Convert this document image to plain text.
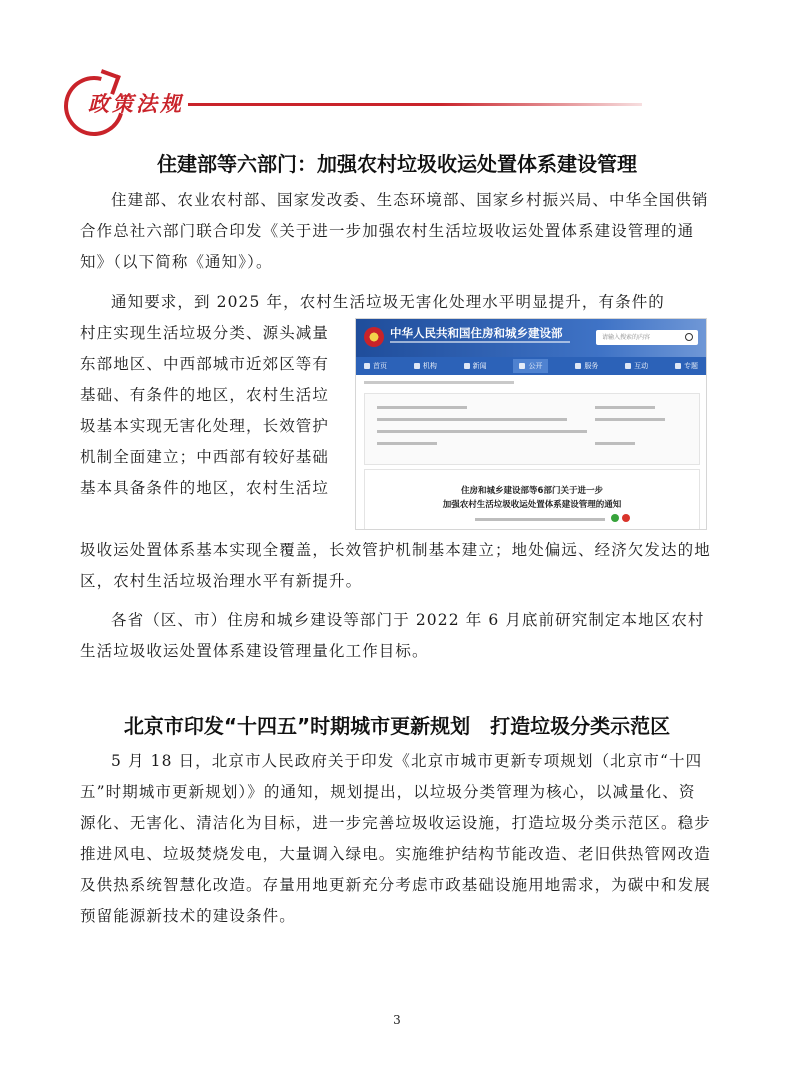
政策法规
住建部等六部门：加强农村垃圾收运处置体系建设管理

住建部、农业农村部、国家发改委、生态环境部、国家乡村振兴局、中华全国供销合作总社六部门联合印发《关于进一步加强农村生活垃圾收运处置体系建设管理的通知》（以下简称《通知》）。

通知要求，到 2025 年，农村生活垃圾无害化处理水平明显提升，有条件的

村庄实现生活垃圾分类、源头减量
东部地区、中西部城市近郊区等有
基础、有条件的地区，农村生活垃
圾基本实现无害化处理，长效管护
机制全面建立；中西部有较好基础
基本具备条件的地区，农村生活垃
中华人民共和国住房和城乡建设部	请输入搜索的内容
首页	机构	新闻	公开	服务	互动	专题
住房和城乡建设部等6部门关于进一步
加强农村生活垃圾收运处置体系建设管理的通知

圾收运处置体系基本实现全覆盖，长效管护机制基本建立；地处偏远、经济欠发达的地区，农村生活垃圾治理水平有新提升。

各省（区、市）住房和城乡建设等部门于 2022 年 6 月底前研究制定本地区农村生活垃圾收运处置体系建设管理量化工作目标。

北京市印发“十四五”时期城市更新规划　打造垃圾分类示范区

5 月 18 日，北京市人民政府关于印发《北京市城市更新专项规划（北京市“十四五”时期城市更新规划）》的通知，规划提出，以垃圾分类管理为核心，以减量化、资源化、无害化、清洁化为目标，进一步完善垃圾收运设施，打造垃圾分类示范区。稳步推进风电、垃圾焚烧发电，大量调入绿电。实施维护结构节能改造、老旧供热管网改造及供热系统智慧化改造。存量用地更新充分考虑市政基础设施用地需求，为碳中和发展预留能源新技术的建设条件。

3
